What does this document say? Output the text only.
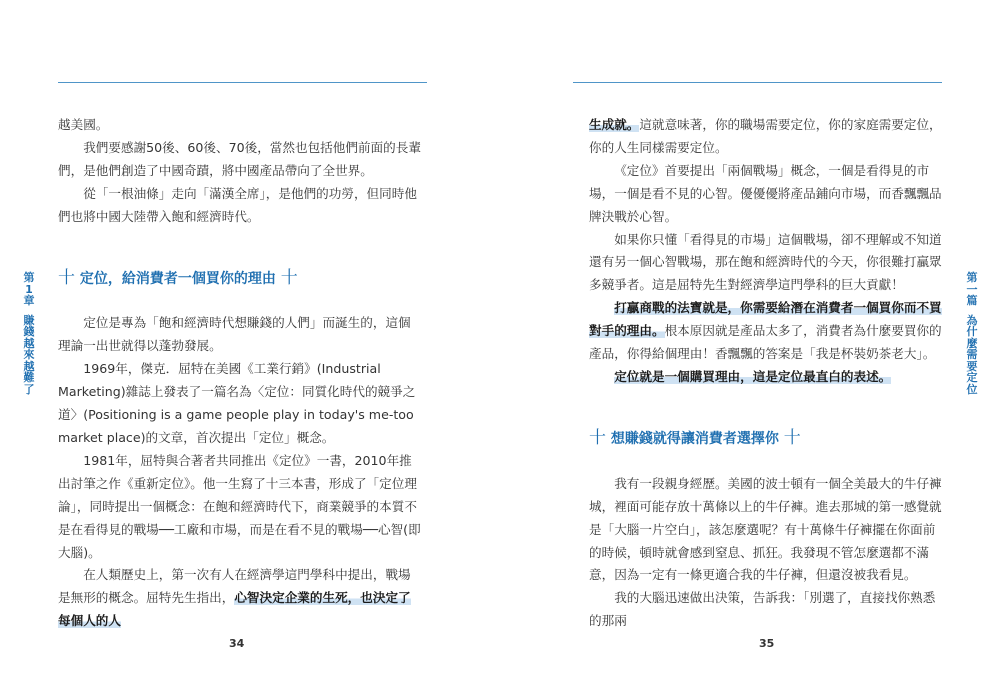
第1章
賺錢越來越難了
第一篇
為什麼需要定位

越美國。

我們要感謝50後、60後、70後，當然也包括他們前面的長輩們，是他們創造了中國奇蹟，將中國產品帶向了全世界。

從「一根油條」走向「滿漢全席」，是他們的功勞，但同時他們也將中國大陸帶入飽和經濟時代。

十 定位，給消費者一個買你的理由 十

定位是專為「飽和經濟時代想賺錢的人們」而誕生的，這個理論一出世就得以蓬勃發展。

1969年，傑克．屈特在美國《工業行銷》(Industrial Marketing)雜誌上發表了一篇名為〈定位：同質化時代的競爭之道〉(Positioning is a game people play in today's me-too market place)的文章，首次提出「定位」概念。

1981年，屈特與合著者共同推出《定位》一書，2010年推出討筆之作《重新定位》。他一生寫了十三本書，形成了「定位理論」，同時提出一個概念：在飽和經濟時代下，商業競爭的本質不是在看得見的戰場──工廠和市場，而是在看不見的戰場──心智(即大腦)。

在人類歷史上，第一次有人在經濟學這門學科中提出，戰場是無形的概念。屈特先生指出，心智決定企業的生死，也決定了每個人的人

生成就。這就意味著，你的職場需要定位，你的家庭需要定位，你的人生同樣需要定位。

《定位》首要提出「兩個戰場」概念，一個是看得見的市場，一個是看不見的心智。優優優將產品鋪向市場，而香飄飄品牌決戰於心智。

如果你只懂「看得見的市場」這個戰場，卻不理解或不知道還有另一個心智戰場，那在飽和經濟時代的今天，你很難打贏眾多競爭者。這是屈特先生對經濟學這門學科的巨大貢獻！

打贏商戰的法寶就是，你需要給潛在消費者一個買你而不買對手的理由。根本原因就是產品太多了，消費者為什麼要買你的產品，你得給個理由！香飄飄的答案是「我是杯裝奶茶老大」。

定位就是一個購買理由，這是定位最直白的表述。

十 想賺錢就得讓消費者選擇你 十

我有一段親身經歷。美國的波士頓有一個全美最大的牛仔褲城，裡面可能存放十萬條以上的牛仔褲。進去那城的第一感覺就是「大腦一片空白」，該怎麼選呢？有十萬條牛仔褲擺在你面前的時候，頓時就會感到窒息、抓狂。我發現不管怎麼選都不滿意，因為一定有一條更適合我的牛仔褲，但還沒被我看見。

我的大腦迅速做出決策，告訴我：「別選了，直接找你熟悉的那兩

34	35
